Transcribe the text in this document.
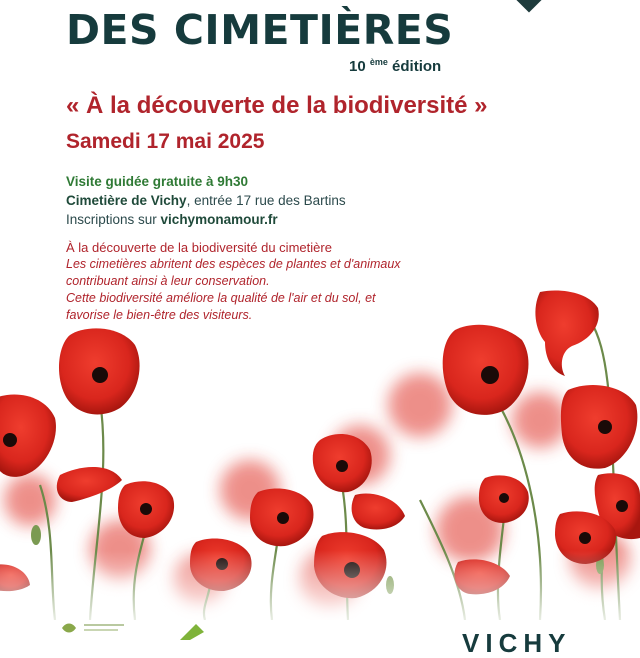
DES CIMETIÈRES
10 $^{ème}$ édition
« À la découverte de la biodiversité »
Samedi 17 mai 2025
Visite guidée gratuite à 9h30
Cimetière de Vichy, entrée 17 rue des Bartins
Inscriptions sur vichymonamour.fr
À la découverte de la biodiversité du cimetière
Les cimetières abritent des espèces de plantes et d'animaux
contribuant ainsi à leur conservation.
Cette biodiversité améliore la qualité de l'air et du sol, et
favorise le bien-être des visiteurs.
VICHY
